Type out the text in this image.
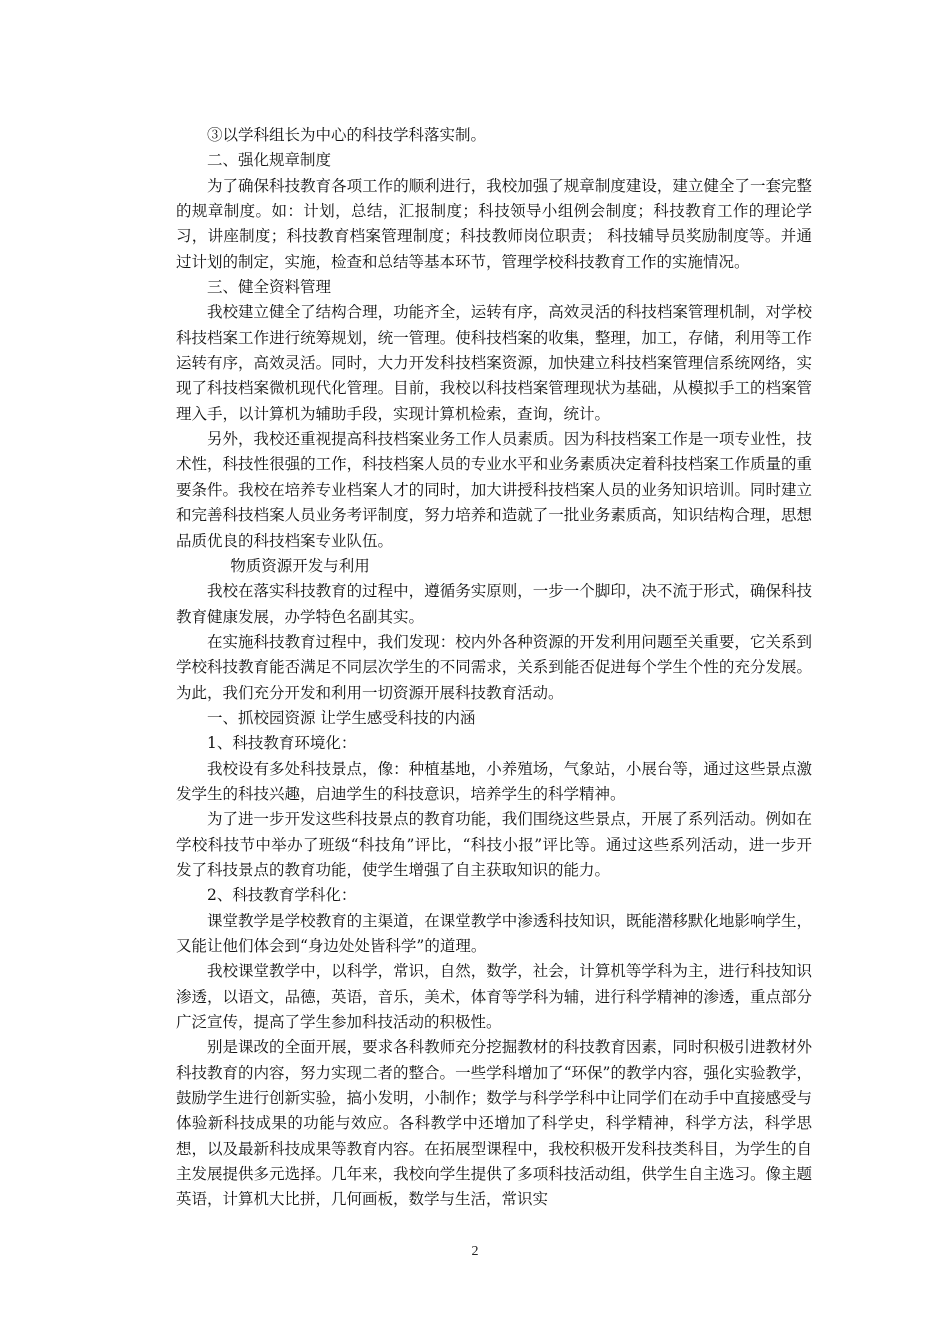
③以学科组长为中心的科技学科落实制。

二、强化规章制度

为了确保科技教育各项工作的顺利进行，我校加强了规章制度建设，建立健全了一套完整的规章制度。如：计划，总结，汇报制度；科技领导小组例会制度；科技教育工作的理论学习，讲座制度；科技教育档案管理制度；科技教师岗位职责； 科技辅导员奖励制度等。并通过计划的制定，实施，检查和总结等基本环节，管理学校科技教育工作的实施情况。

三、健全资料管理

我校建立健全了结构合理，功能齐全，运转有序，高效灵活的科技档案管理机制，对学校科技档案工作进行统筹规划，统一管理。使科技档案的收集，整理，加工，存储，利用等工作运转有序，高效灵活。同时，大力开发科技档案资源，加快建立科技档案管理信系统网络，实现了科技档案微机现代化管理。目前，我校以科技档案管理现状为基础，从模拟手工的档案管理入手，以计算机为辅助手段，实现计算机检索，查询，统计。

另外，我校还重视提高科技档案业务工作人员素质。因为科技档案工作是一项专业性，技术性，科技性很强的工作，科技档案人员的专业水平和业务素质决定着科技档案工作质量的重要条件。我校在培养专业档案人才的同时，加大讲授科技档案人员的业务知识培训。同时建立和完善科技档案人员业务考评制度，努力培养和造就了一批业务素质高，知识结构合理，思想品质优良的科技档案专业队伍。

物质资源开发与利用

我校在落实科技教育的过程中，遵循务实原则，一步一个脚印，决不流于形式，确保科技教育健康发展，办学特色名副其实。

在实施科技教育过程中，我们发现：校内外各种资源的开发利用问题至关重要，它关系到学校科技教育能否满足不同层次学生的不同需求，关系到能否促进每个学生个性的充分发展。为此，我们充分开发和利用一切资源开展科技教育活动。

一、抓校园资源 让学生感受科技的内涵

1、科技教育环境化：

我校设有多处科技景点，像：种植基地，小养殖场，气象站，小展台等，通过这些景点激发学生的科技兴趣，启迪学生的科技意识，培养学生的科学精神。

为了进一步开发这些科技景点的教育功能，我们围绕这些景点，开展了系列活动。例如在学校科技节中举办了班级“科技角”评比，“科技小报”评比等。通过这些系列活动，进一步开发了科技景点的教育功能，使学生增强了自主获取知识的能力。

2、科技教育学科化：

课堂教学是学校教育的主渠道，在课堂教学中渗透科技知识，既能潜移默化地影响学生，又能让他们体会到“身边处处皆科学”的道理。

我校课堂教学中，以科学，常识，自然，数学，社会，计算机等学科为主，进行科技知识渗透，以语文，品德，英语，音乐，美术，体育等学科为辅，进行科学精神的渗透，重点部分广泛宣传，提高了学生参加科技活动的积极性。

别是课改的全面开展，要求各科教师充分挖掘教材的科技教育因素，同时积极引进教材外科技教育的内容，努力实现二者的整合。一些学科增加了“环保”的教学内容，强化实验教学，鼓励学生进行创新实验，搞小发明，小制作；数学与科学学科中让同学们在动手中直接感受与体验新科技成果的功能与效应。各科教学中还增加了科学史，科学精神，科学方法，科学思想，以及最新科技成果等教育内容。在拓展型课程中，我校积极开发科技类科目，为学生的自主发展提供多元选择。几年来，我校向学生提供了多项科技活动组，供学生自主选习。像主题英语，计算机大比拼，几何画板，数学与生活，常识实

2
